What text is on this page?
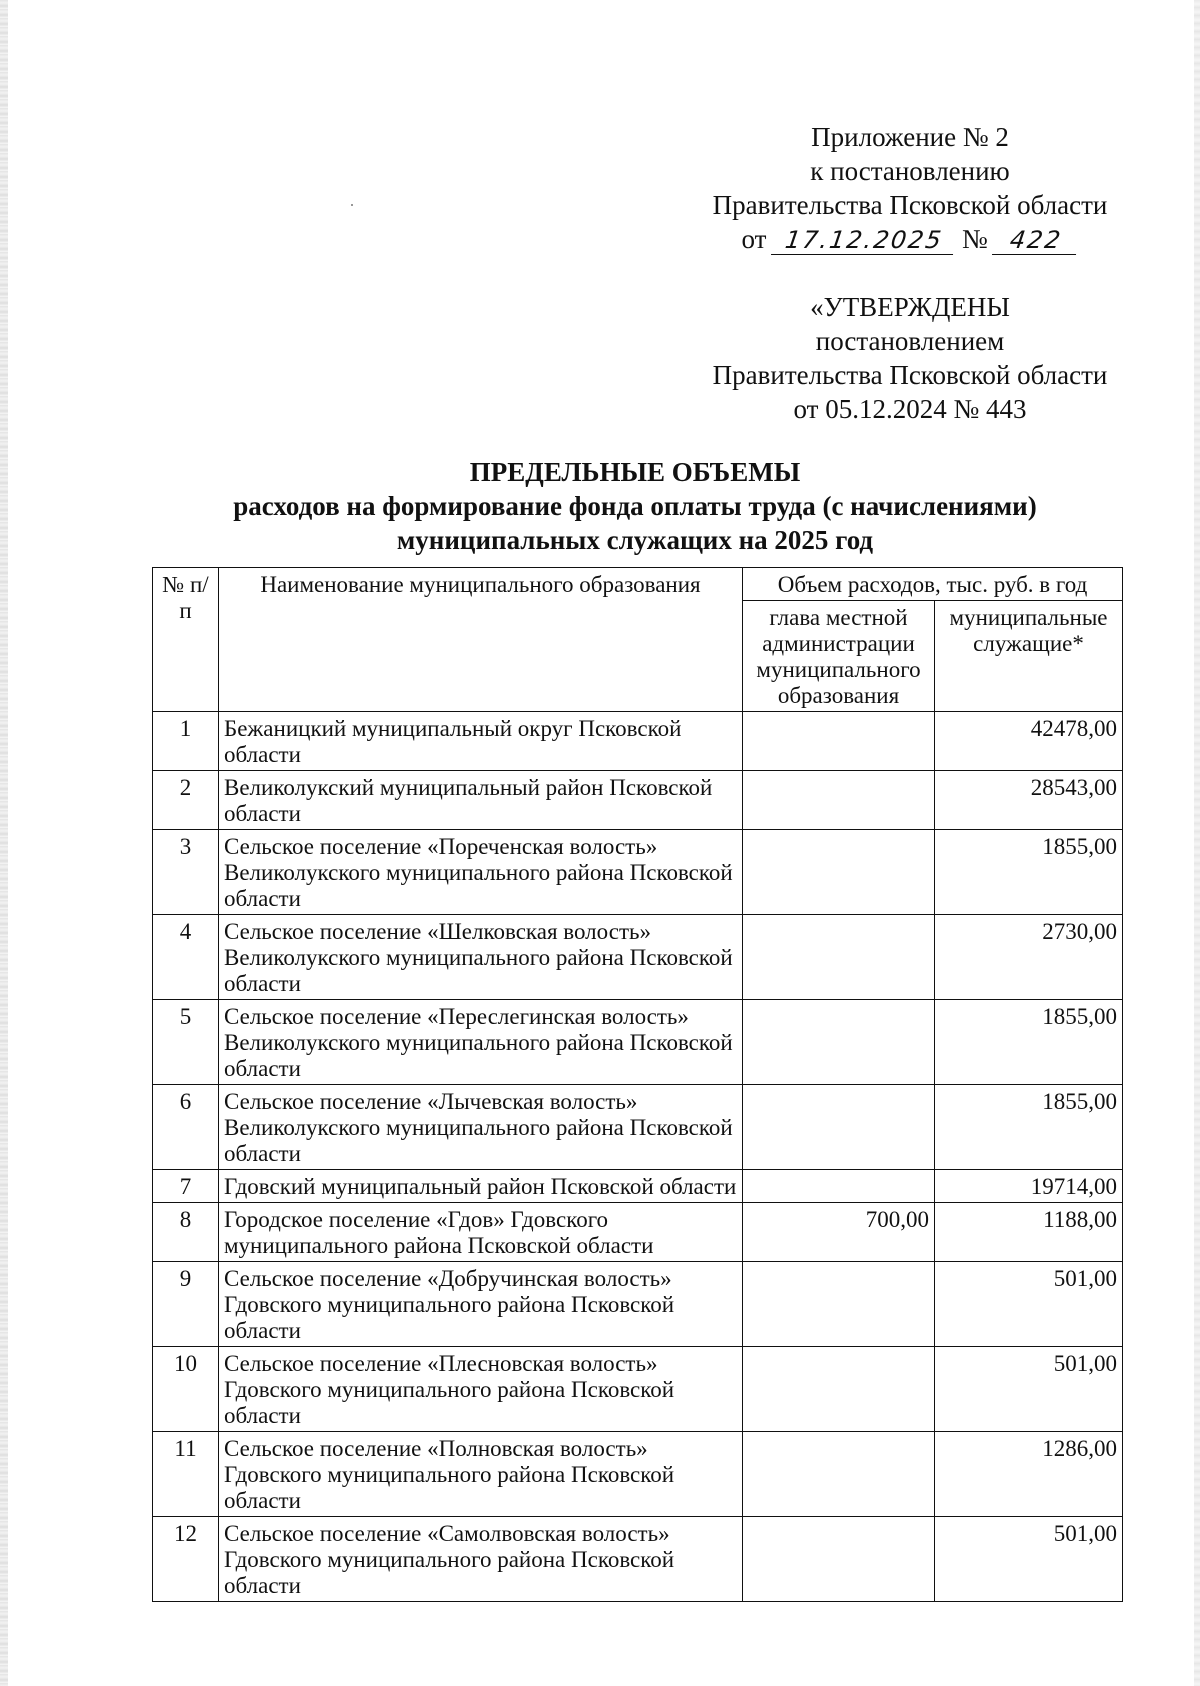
Приложение № 2
к постановлению
Правительства Псковской области
от 17.12.2025 № 422
«УТВЕРЖДЕНЫ
постановлением
Правительства Псковской области
от 05.12.2024 № 443
ПРЕДЕЛЬНЫЕ ОБЪЕМЫ
расходов на формирование фонда оплаты труда (с начислениями)
муниципальных служащих на 2025 год
№ п/п	Наименование муниципального образования	Объем расходов, тыс. руб. в год	
		глава местной администрации муниципального образования	муниципальные служащие*
1	Бежаницкий муниципальный округ Псковской области		42478,00
2	Великолукский муниципальный район Псковской области		28543,00
3	Сельское поселение «Пореченская волость» Великолукского муниципального района Псковской области		1855,00
4	Сельское поселение «Шелковская волость» Великолукского муниципального района Псковской области		2730,00
5	Сельское поселение «Переслегинская волость» Великолукского муниципального района Псковской области		1855,00
6	Сельское поселение «Лычевская волость» Великолукского муниципального района Псковской области		1855,00
7	Гдовский муниципальный район Псковской области		19714,00
8	Городское поселение «Гдов» Гдовского муниципального района Псковской области	700,00	1188,00
9	Сельское поселение «Добручинская волость» Гдовского муниципального района Псковской области		501,00
10	Сельское поселение «Плесновская волость» Гдовского муниципального района Псковской области		501,00
11	Сельское поселение «Полновская волость» Гдовского муниципального района Псковской области		1286,00
12	Сельское поселение «Самолвовская волость» Гдовского муниципального района Псковской области		501,00
